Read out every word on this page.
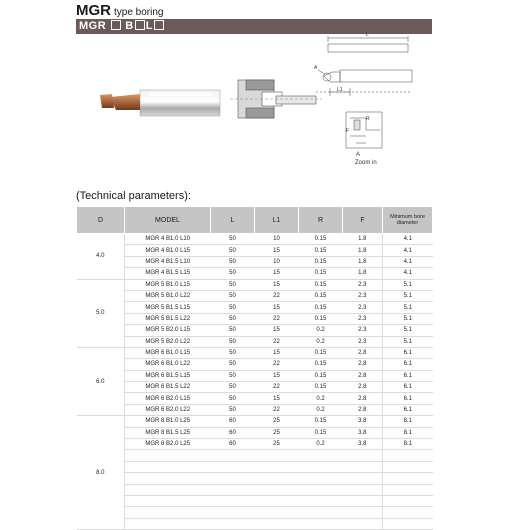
MGR type boring
MGR B L
L
L1
A
R
F
A
Zoom in
(Technical parameters):
D	MODEL	L	L1	R	F	Minimum bore
diameter
4.0	MGR 4 B1.0 L10	50	10	0.15	1.8	4.1
	MGR 4 B1.0 L15	50	15	0.15	1.8	4.1
	MGR 4 B1.5 L10	50	10	0.15	1.8	4.1
	MGR 4 B1.5 L15	50	15	0.15	1.8	4.1
5.0	MGR 5 B1.0 L15	50	15	0.15	2.3	5.1
	MGR 5 B1.0 L22	50	22	0.15	2.3	5.1
	MGR 5 B1.5 L15	50	15	0.15	2.3	5.1
	MGR 5 B1.5 L22	50	22	0.15	2.3	5.1
	MGR 5 B2.0 L15	50	15	0.2	2.3	5.1
	MGR 5 B2.0 L22	50	22	0.2	2.3	5.1
6.0	MGR 6 B1.0 L15	50	15	0.15	2.8	6.1
	MGR 6 B1.0 L22	50	22	0.15	2.8	6.1
	MGR 6 B1.5 L15	50	15	0.15	2.8	6.1
	MGR 6 B1.5 L22	50	22	0.15	2.8	6.1
	MGR 6 B2.0 L15	50	15	0.2	2.8	6.1
	MGR 6 B2.0 L22	50	22	0.2	2.8	6.1
8.0	MGR 8 B1.0 L25	60	25	0.15	3.8	8.1
	MGR 8 B1.5 L25	60	25	0.15	3.8	8.1
	MGR 8 B2.0 L25	60	25	0.2	3.8	8.1
